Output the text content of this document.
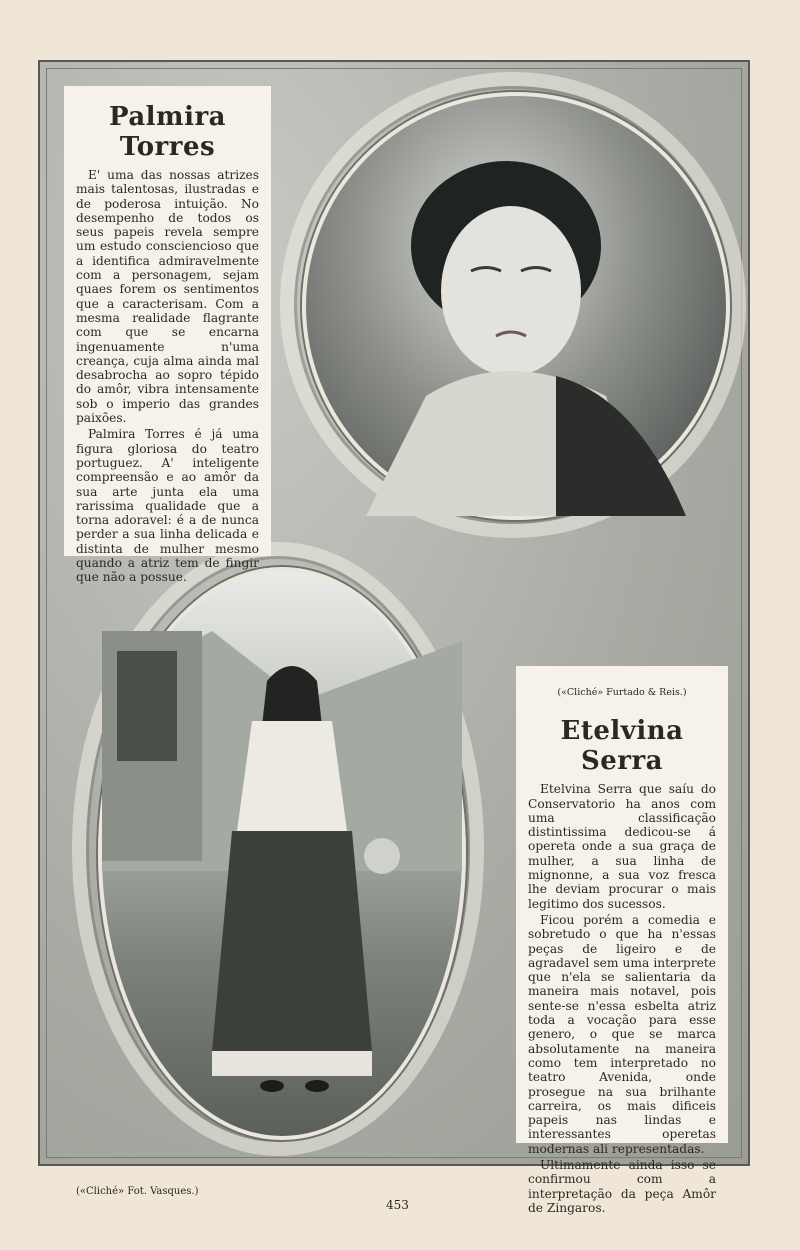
Palmira Torres

E' uma das nossas atrizes mais talentosas, ilustradas e de poderosa intuição. No desempenho de todos os seus papeis revela sempre um estudo consciencioso que a identifica admiravelmente com a personagem, sejam quaes forem os sentimentos que a caracterisam. Com a mesma realidade flagrante com que se encarna ingenuamente n'uma creança, cuja alma ainda mal desabrocha ao sopro tépido do amôr, vibra intensamente sob o imperio das grandes paixões.

Palmira Torres é já uma figura gloriosa do teatro portuguez. A' inteligente compreensão e ao amôr da sua arte junta ela uma rarissima qualidade que a torna adoravel: é a de nunca perder a sua linha delicada e distinta de mulher mesmo quando a atriz tem de fingir que não a possue.

(«Cliché» Furtado & Reis.)
Etelvina Serra

Etelvina Serra que saíu do Conservatorio ha anos com uma classificação distintissima dedicou-se á opereta onde a sua graça de mulher, a sua linha de mignonne, a sua voz fresca lhe deviam procurar o mais legitimo dos sucessos.

Ficou porém a comedia e sobretudo o que ha n'essas peças de ligeiro e de agradavel sem uma interprete que n'ela se salientaria da maneira mais notavel, pois sente-se n'essa esbelta atriz toda a vocação para esse genero, o que se marca absolutamente na maneira como tem interpretado no teatro Avenida, onde prosegue na sua brilhante carreira, os mais dificeis papeis nas lindas e interessantes operetas modernas ali representadas.

Ultimamente ainda isso se confirmou com a interpretação da peça Amôr de Zingaros.

(«Cliché» Fot. Vasques.)
453
